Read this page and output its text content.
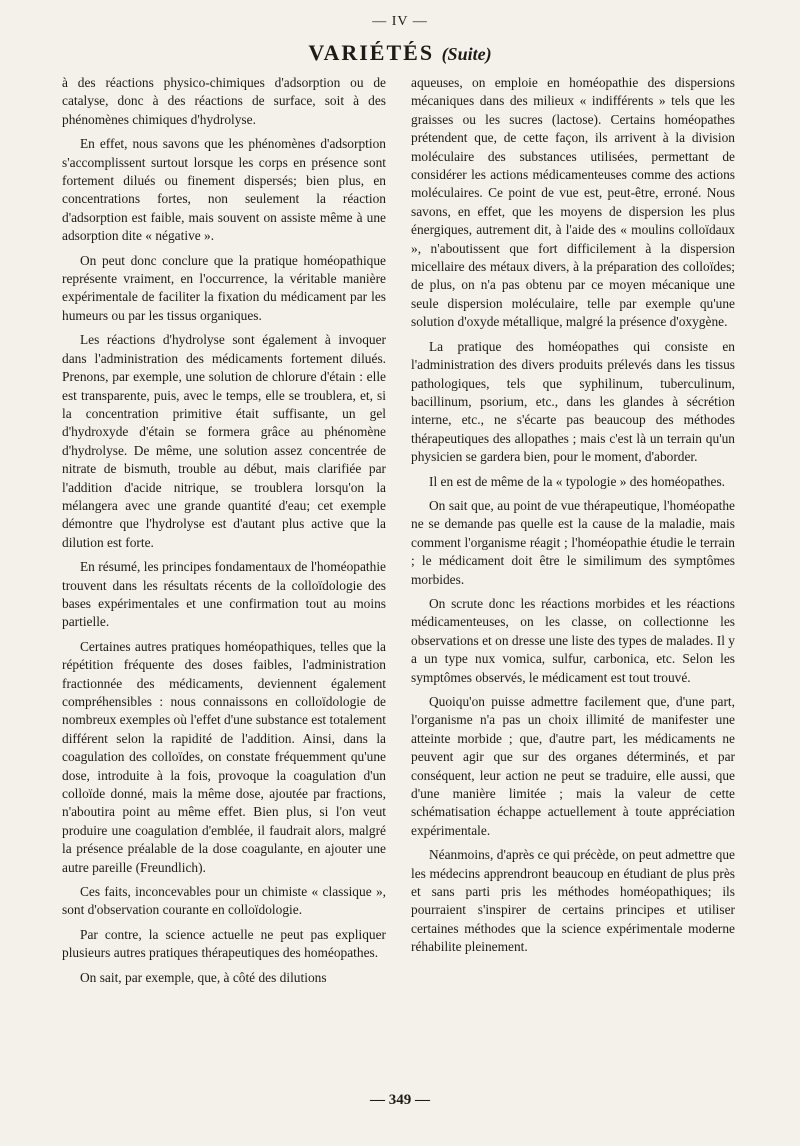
— IV —
VARIÉTÉS (Suite)

à des réactions physico-chimiques d'adsorption ou de catalyse, donc à des réactions de surface, soit à des phénomènes chimiques d'hydrolyse.

En effet, nous savons que les phénomènes d'adsorption s'accomplissent surtout lorsque les corps en présence sont fortement dilués ou finement dispersés; bien plus, en concentrations fortes, non seulement la réaction d'adsorption est faible, mais souvent on assiste même à une adsorption dite « négative ».

On peut donc conclure que la pratique homéopathique représente vraiment, en l'occurrence, la véritable manière expérimentale de faciliter la fixation du médicament par les humeurs ou par les tissus organiques.

Les réactions d'hydrolyse sont également à invoquer dans l'administration des médicaments fortement dilués. Prenons, par exemple, une solution de chlorure d'étain : elle est transparente, puis, avec le temps, elle se troublera, et, si la concentration primitive était suffisante, un gel d'hydroxyde d'étain se formera grâce au phénomène d'hydrolyse. De même, une solution assez concentrée de nitrate de bismuth, trouble au début, mais clarifiée par l'addition d'acide nitrique, se troublera lorsqu'on la mélangera avec une grande quantité d'eau; cet exemple démontre que l'hydrolyse est d'autant plus active que la dilution est forte.

En résumé, les principes fondamentaux de l'homéopathie trouvent dans les résultats récents de la colloïdologie des bases expérimentales et une confirmation tout au moins partielle.

Certaines autres pratiques homéopathiques, telles que la répétition fréquente des doses faibles, l'administration fractionnée des médicaments, deviennent également compréhensibles : nous connaissons en colloïdologie de nombreux exemples où l'effet d'une substance est totalement différent selon la rapidité de l'addition. Ainsi, dans la coagulation des colloïdes, on constate fréquemment qu'une dose, introduite à la fois, provoque la coagulation d'un colloïde donné, mais la même dose, ajoutée par fractions, n'aboutira point au même effet. Bien plus, si l'on veut produire une coagulation d'emblée, il faudrait alors, malgré la présence préalable de la dose coagulante, en ajouter une autre pareille (Freundlich).

Ces faits, inconcevables pour un chimiste « classique », sont d'observation courante en colloïdologie.

Par contre, la science actuelle ne peut pas expliquer plusieurs autres pratiques thérapeutiques des homéopathes.

On sait, par exemple, que, à côté des dilutions

aqueuses, on emploie en homéopathie des dispersions mécaniques dans des milieux « indifférents » tels que les graisses ou les sucres (lactose). Certains homéopathes prétendent que, de cette façon, ils arrivent à la division moléculaire des substances utilisées, permettant de considérer les actions médicamenteuses comme des actions moléculaires. Ce point de vue est, peut-être, erroné. Nous savons, en effet, que les moyens de dispersion les plus énergiques, autrement dit, à l'aide des « moulins colloïdaux », n'aboutissent que fort difficilement à la dispersion micellaire des métaux divers, à la préparation des colloïdes; de plus, on n'a pas obtenu par ce moyen mécanique une seule dispersion moléculaire, telle par exemple qu'une solution d'oxyde métallique, malgré la présence d'oxygène.

La pratique des homéopathes qui consiste en l'administration des divers produits prélevés dans les tissus pathologiques, tels que syphilinum, tuberculinum, bacillinum, psorium, etc., dans les glandes à sécrétion interne, etc., ne s'écarte pas beaucoup des méthodes thérapeutiques des allopathes ; mais c'est là un terrain qu'un physicien se gardera bien, pour le moment, d'aborder.

Il en est de même de la « typologie » des homéopathes.

On sait que, au point de vue thérapeutique, l'homéopathe ne se demande pas quelle est la cause de la maladie, mais comment l'organisme réagit ; l'homéopathie étudie le terrain ; le médicament doit être le similimum des symptômes morbides.

On scrute donc les réactions morbides et les réactions médicamenteuses, on les classe, on collectionne les observations et on dresse une liste des types de malades. Il y a un type nux vomica, sulfur, carbonica, etc. Selon les symptômes observés, le médicament est tout trouvé.

Quoiqu'on puisse admettre facilement que, d'une part, l'organisme n'a pas un choix illimité de manifester une atteinte morbide ; que, d'autre part, les médicaments ne peuvent agir que sur des organes déterminés, et par conséquent, leur action ne peut se traduire, elle aussi, que d'une manière limitée ; mais la valeur de cette schématisation échappe actuellement à toute appréciation expérimentale.

Néanmoins, d'après ce qui précède, on peut admettre que les médecins apprendront beaucoup en étudiant de plus près et sans parti pris les méthodes homéopathiques; ils pourraient s'inspirer de certains principes et utiliser certaines méthodes que la science expérimentale moderne réhabilite pleinement.

— 349 —
